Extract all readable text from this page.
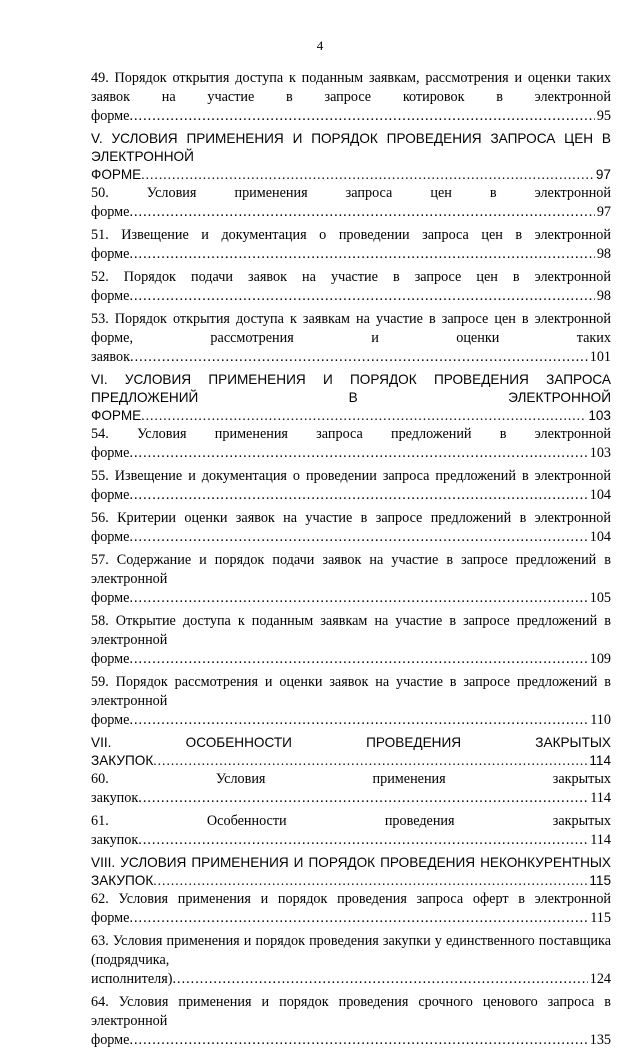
4
49. Порядок открытия доступа к поданным заявкам, рассмотрения и оценки таких заявок на участие в запросе котировок в электронной форме .....	95
V. УСЛОВИЯ ПРИМЕНЕНИЯ И ПОРЯДОК ПРОВЕДЕНИЯ ЗАПРОСА ЦЕН В ЭЛЕКТРОННОЙ ФОРМЕ .....	97
50. Условия применения запроса цен в электронной форме .....	97
51. Извещение и документация о проведении запроса цен в электронной форме .....	98
52. Порядок подачи заявок на участие в запросе цен в электронной форме .....	98
53. Порядок открытия доступа к заявкам на участие в запросе цен в электронной форме, рассмотрения и оценки таких заявок .....	101
VI. УСЛОВИЯ ПРИМЕНЕНИЯ И ПОРЯДОК ПРОВЕДЕНИЯ ЗАПРОСА ПРЕДЛОЖЕНИЙ В ЭЛЕКТРОННОЙ ФОРМЕ .....	103
54. Условия применения запроса предложений в электронной форме .....	103
55. Извещение и документация о проведении запроса предложений в электронной форме .....	104
56. Критерии оценки заявок на участие в запросе предложений в электронной форме .....	104
57. Содержание и порядок подачи заявок на участие в запросе предложений в электронной форме .....	105
58. Открытие доступа к поданным заявкам на участие в запросе предложений в электронной форме .....	109
59. Порядок рассмотрения и оценки заявок на участие в запросе предложений в электронной форме .....	110
VII. ОСОБЕННОСТИ ПРОВЕДЕНИЯ ЗАКРЫТЫХ ЗАКУПОК .....	114
60. Условия применения закрытых закупок .....	114
61. Особенности проведения закрытых закупок .....	114
VIII. УСЛОВИЯ ПРИМЕНЕНИЯ И ПОРЯДОК ПРОВЕДЕНИЯ НЕКОНКУРЕНТНЫХ ЗАКУПОК .....	115
62. Условия применения и порядок проведения запроса оферт в электронной форме .....	115
63. Условия применения и порядок проведения закупки у единственного поставщика (подрядчика, исполнителя) .....	124
64. Условия применения и порядок проведения срочного ценового запроса в электронной форме .....	135
